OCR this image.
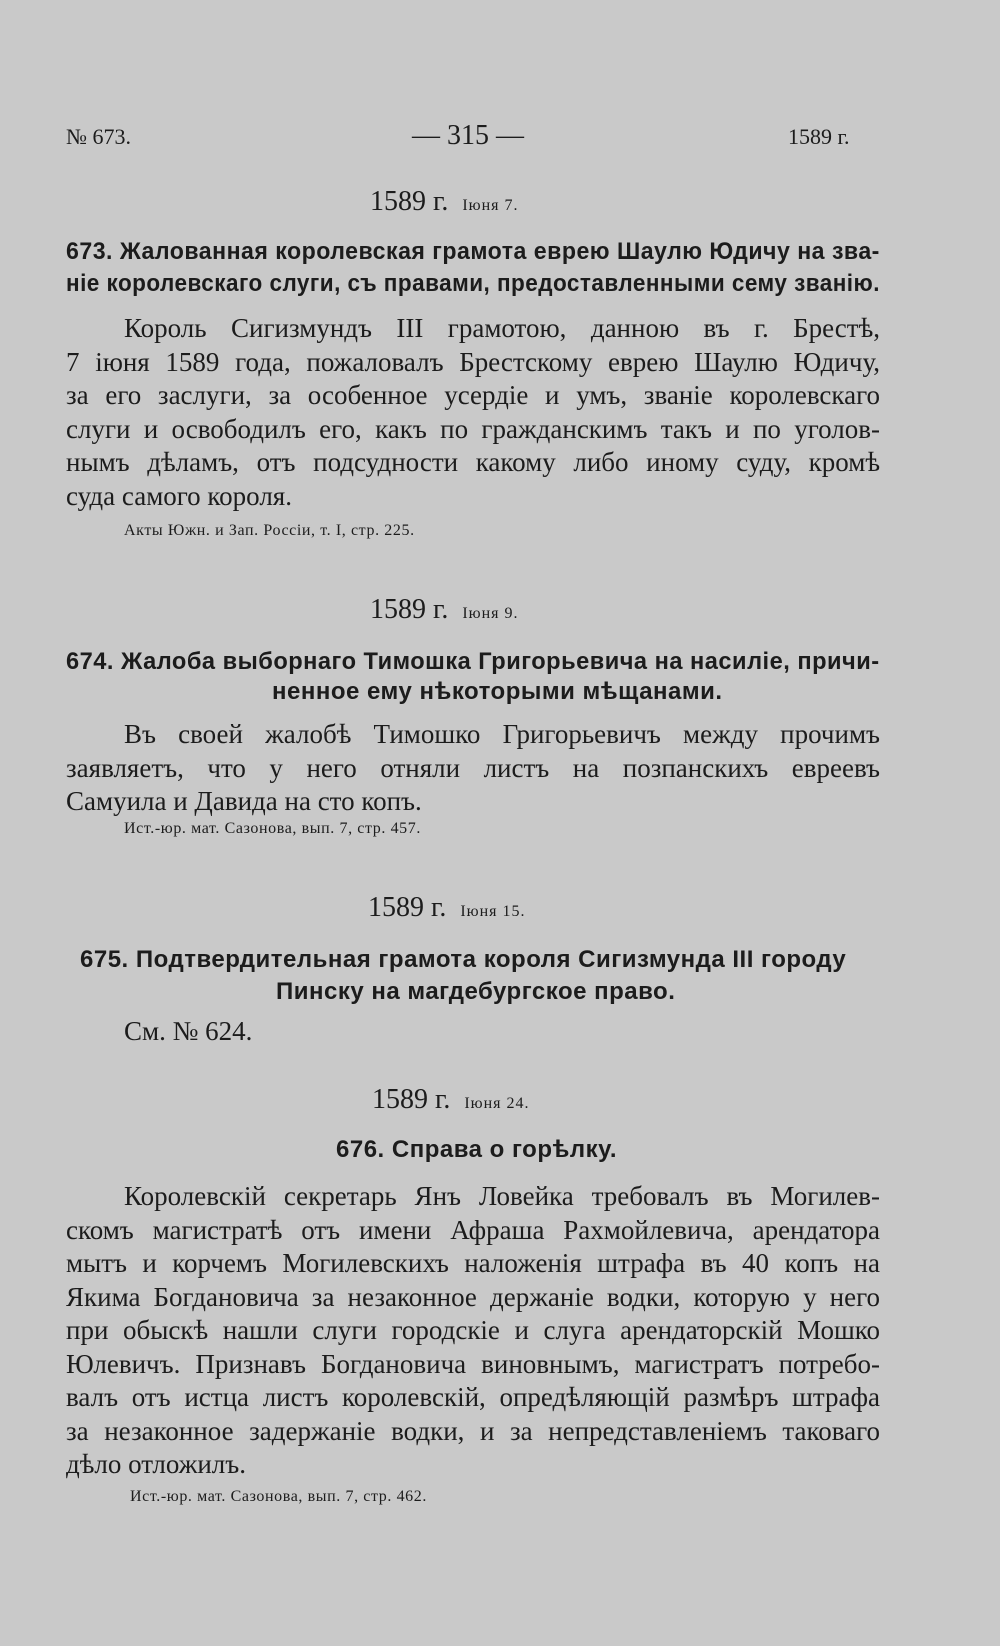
№ 673.	— 315 —	1589 г.
1589 г. Іюня 7.
673. Жалованная королевская грамота еврею Шаулю Юдичу на зва-
ніе королевскаго слуги, съ правами, предоставленными сему званію.
Король Сигизмундъ III грамотою, данною въ г. Брестѣ,
7 іюня 1589 года, пожаловалъ Брестскому еврею Шаулю Юдичу,
за его заслуги, за особенное усердіе и умъ, званіе королевскаго
слуги и освободилъ его, какъ по гражданскимъ такъ и по уголов-
нымъ дѣламъ, отъ подсудности какому либо иному суду, кромѣ
суда самого короля.
Акты Южн. и Зап. Россіи, т. I, стр. 225.
1589 г. Іюня 9.
674. Жалоба выборнаго Тимошка Григорьевича на насиліе, причи-
ненное ему нѣкоторыми мѣщанами.
Въ своей жалобѣ Тимошко Григорьевичъ между прочимъ
заявляетъ, что у него отняли листъ на позпанскихъ евреевъ
Самуила и Давида на сто копъ.
Ист.-юр. мат. Сазонова, вып. 7, стр. 457.
1589 г. Іюня 15.
675. Подтвердительная грамота короля Сигизмунда III городу
Пинску на магдебургское право.
См. № 624.
1589 г. Іюня 24.
676. Справа о горѣлку.
Королевскій секретарь Янъ Ловейка требовалъ въ Могилев-
скомъ магистратѣ отъ имени Афраша Рахмойлевича, арендатора
мытъ и корчемъ Могилевскихъ наложенія штрафа въ 40 копъ на
Якима Богдановича за незаконное держаніе водки, которую у него
при обыскѣ нашли слуги городскіе и слуга арендаторскій Мошко
Юлевичъ. Признавъ Богдановича виновнымъ, магистратъ потребо-
валъ отъ истца листъ королевскій, опредѣляющій размѣръ штрафа
за незаконное задержаніе водки, и за непредставленіемъ таковаго
дѣло отложилъ.
Ист.-юр. мат. Сазонова, вып. 7, стр. 462.
